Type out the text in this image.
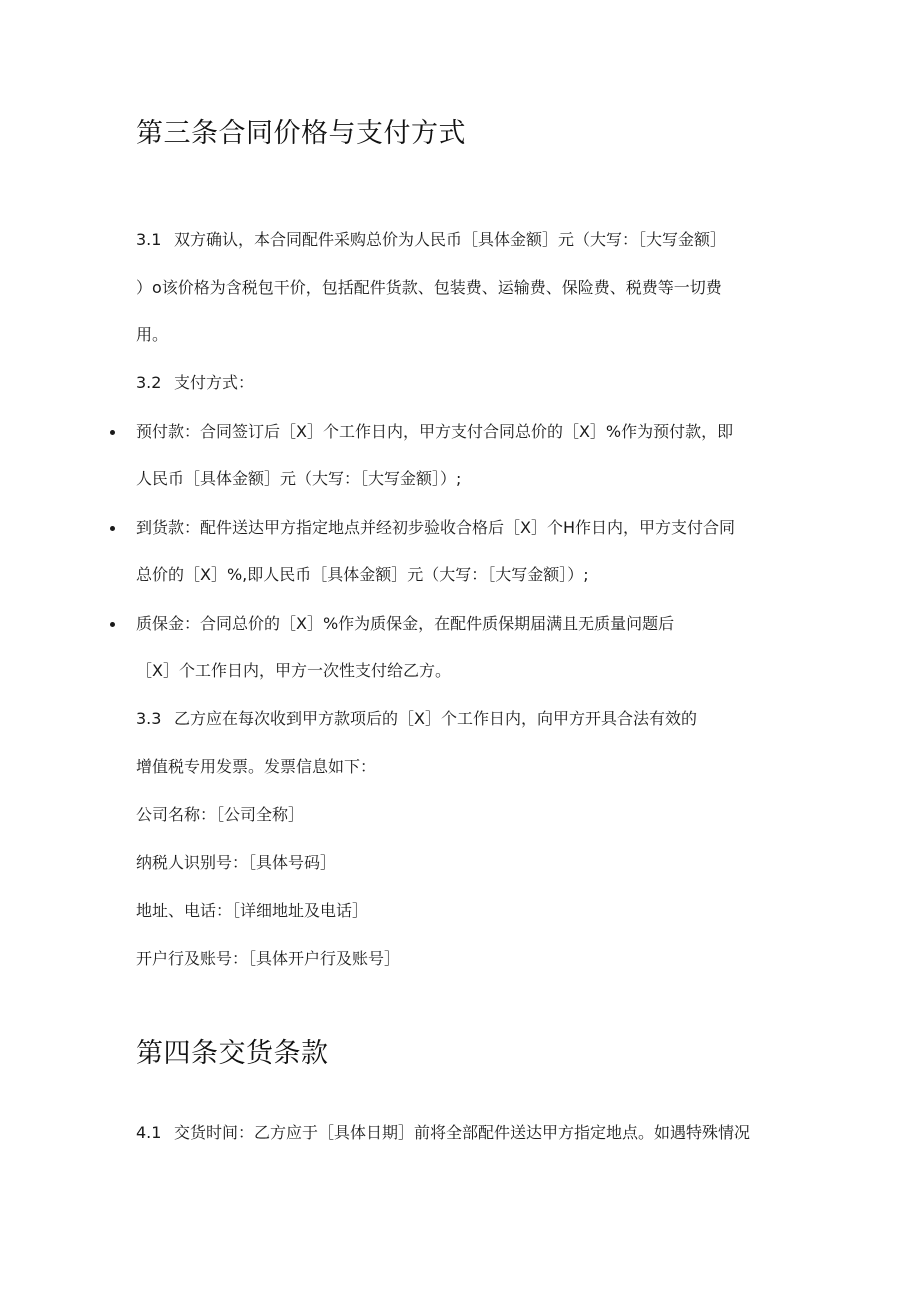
第三条合同价格与支付方式
3.1 双方确认，本合同配件采购总价为人民币［具体金额］元（大写：［大写金额］
）o该价格为含税包干价，包括配件货款、包装费、运输费、保险费、税费等一切费
用。
3.2 支付方式：
预付款：合同签订后［X］个工作日内，甲方支付合同总价的［X］%作为预付款，即
人民币［具体金额］元（大写：［大写金额］）;
到货款：配件送达甲方指定地点并经初步验收合格后［X］个H作日内，甲方支付合同
总价的［X］%,即人民币［具体金额］元（大写：［大写金额］）;
质保金：合同总价的［X］%作为质保金，在配件质保期届满且无质量问题后
［X］个工作日内，甲方一次性支付给乙方。
3.3 乙方应在每次收到甲方款项后的［X］个工作日内，向甲方开具合法有效的
增值税专用发票。发票信息如下：
公司名称：［公司全称］
纳税人识别号：［具体号码］
地址、电话：［详细地址及电话］
开户行及账号：［具体开户行及账号］
第四条交货条款
4.1 交货时间：乙方应于［具体日期］前将全部配件送达甲方指定地点。如遇特殊情况
